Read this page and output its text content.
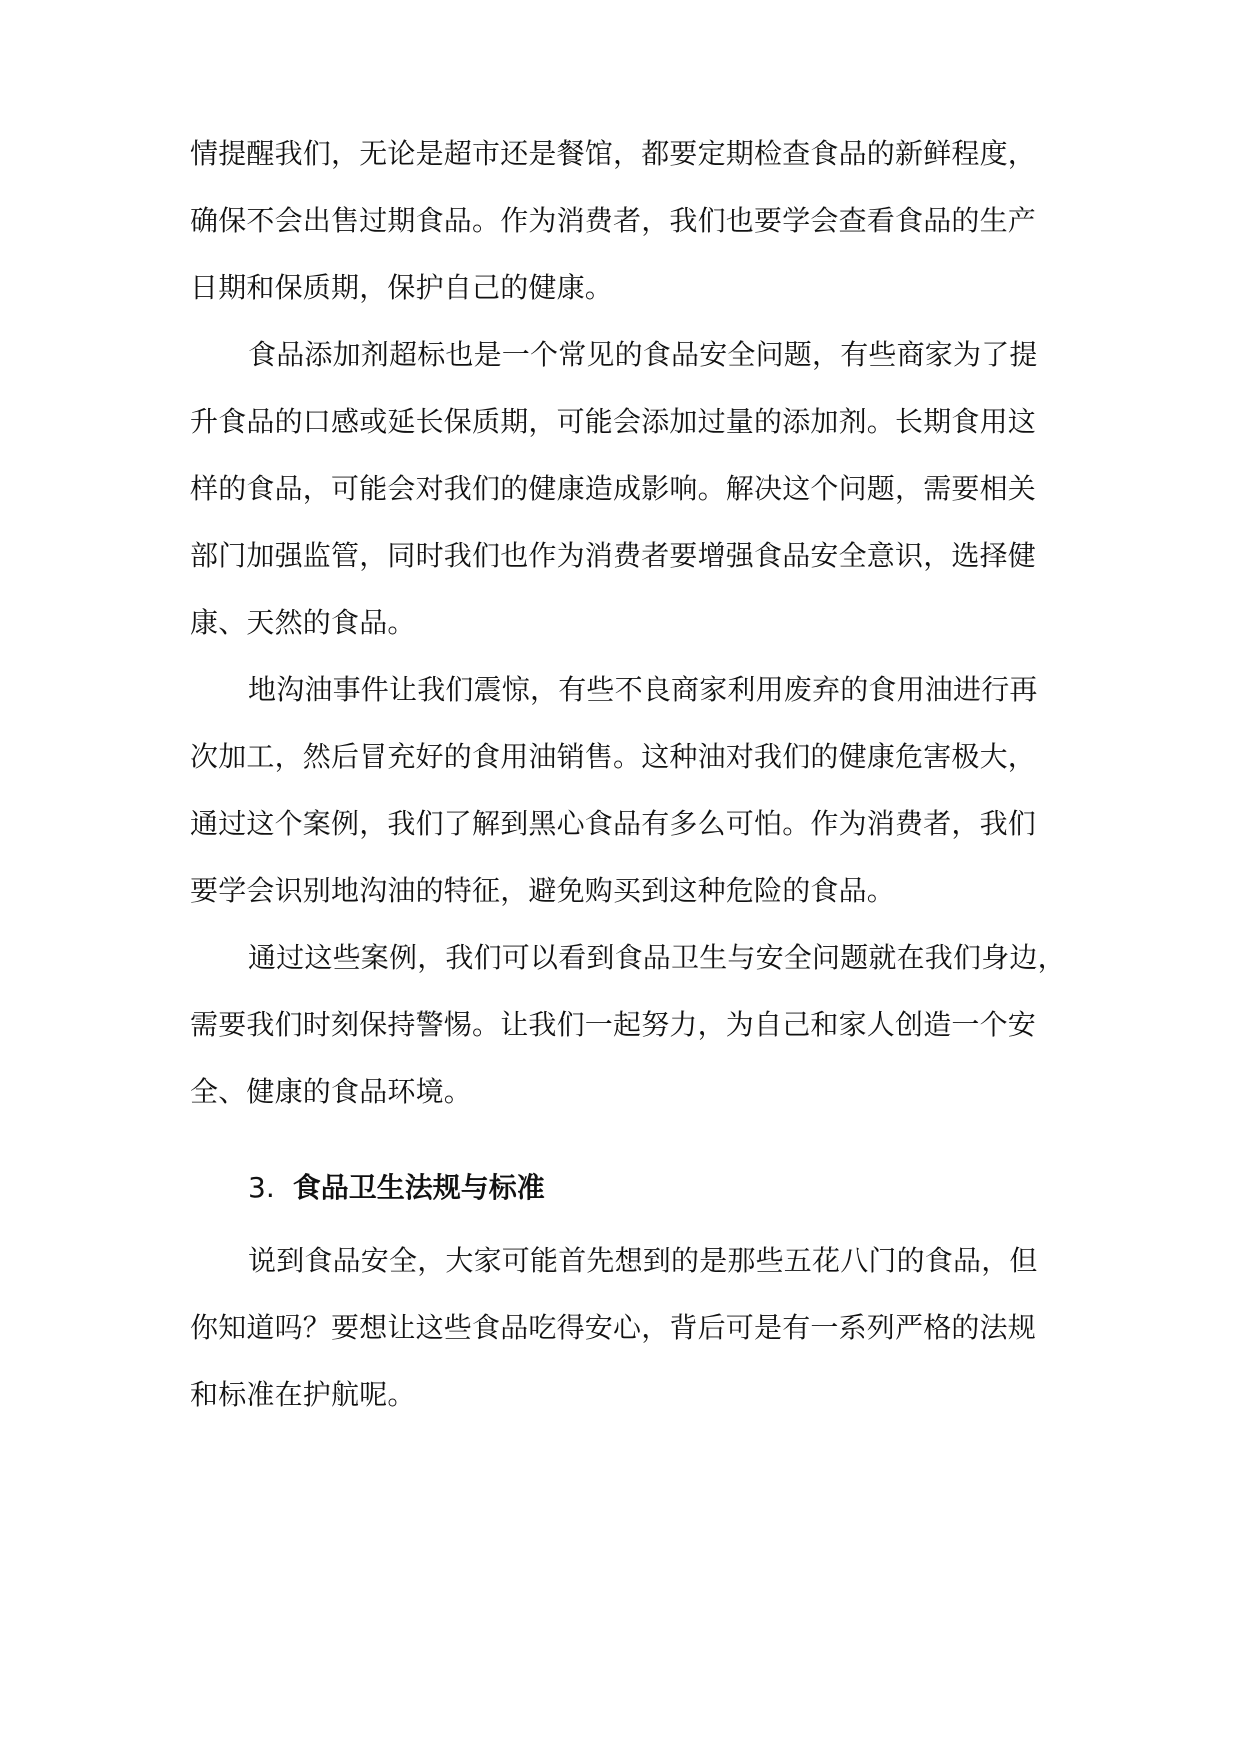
情提醒我们，无论是超市还是餐馆，都要定期检查食品的新鲜程度，
确保不会出售过期食品。作为消费者，我们也要学会查看食品的生产
日期和保质期，保护自己的健康。
食品添加剂超标也是一个常见的食品安全问题，有些商家为了提
升食品的口感或延长保质期，可能会添加过量的添加剂。长期食用这
样的食品，可能会对我们的健康造成影响。解决这个问题，需要相关
部门加强监管，同时我们也作为消费者要增强食品安全意识，选择健
康、天然的食品。
地沟油事件让我们震惊，有些不良商家利用废弃的食用油进行再
次加工，然后冒充好的食用油销售。这种油对我们的健康危害极大，
通过这个案例，我们了解到黑心食品有多么可怕。作为消费者，我们
要学会识别地沟油的特征，避免购买到这种危险的食品。
通过这些案例，我们可以看到食品卫生与安全问题就在我们身边，
需要我们时刻保持警惕。让我们一起努力，为自己和家人创造一个安
全、健康的食品环境。
3. 食品卫生法规与标准
说到食品安全，大家可能首先想到的是那些五花八门的食品，但
你知道吗？要想让这些食品吃得安心，背后可是有一系列严格的法规
和标准在护航呢。
